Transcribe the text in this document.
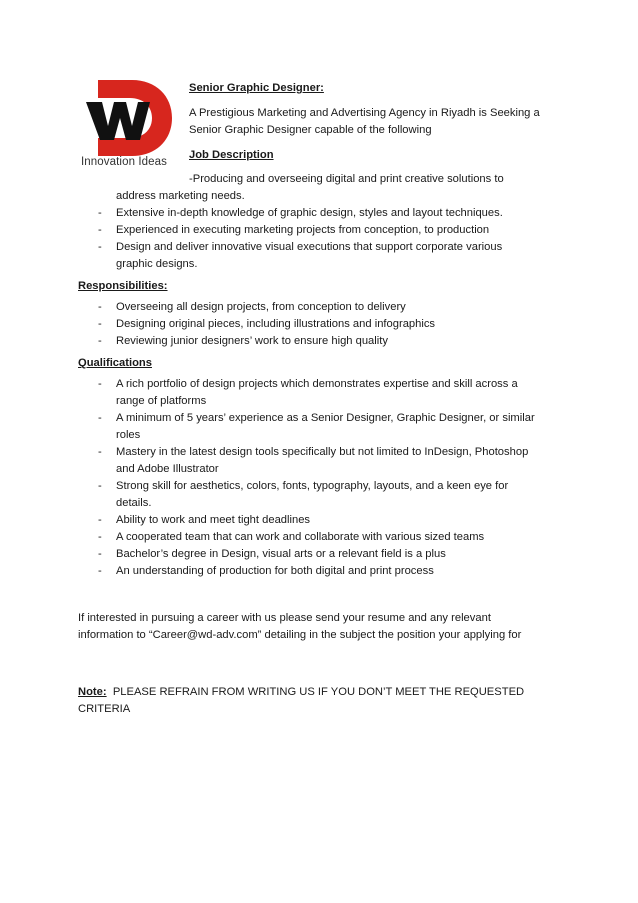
Innovation Ideas
Senior Graphic Designer:
A Prestigious Marketing and Advertising Agency in Riyadh is Seeking a
Senior Graphic Designer capable of the following
Job Description
-Producing and overseeing digital and print creative solutions to
address marketing needs.
- Extensive in-depth knowledge of graphic design, styles and layout techniques.
- Experienced in executing marketing projects from conception, to production
- Design and deliver innovative visual executions that support corporate various
graphic designs.
Responsibilities:
- Overseeing all design projects, from conception to delivery
- Designing original pieces, including illustrations and infographics
- Reviewing junior designers’ work to ensure high quality
Qualifications
- A rich portfolio of design projects which demonstrates expertise and skill across a
range of platforms
- A minimum of 5 years’ experience as a Senior Designer, Graphic Designer, or similar
roles
- Mastery in the latest design tools specifically but not limited to InDesign, Photoshop
and Adobe Illustrator
- Strong skill for aesthetics, colors, fonts, typography, layouts, and a keen eye for
details.
- Ability to work and meet tight deadlines
- A cooperated team that can work and collaborate with various sized teams
- Bachelor’s degree in Design, visual arts or a relevant field is a plus
- An understanding of production for both digital and print process
If interested in pursuing a career with us please send your resume and any relevant
information to “Career@wd-adv.com” detailing in the subject the position your applying for
Note: PLEASE REFRAIN FROM WRITING US IF YOU DON’T MEET THE REQUESTED CRITERIA
